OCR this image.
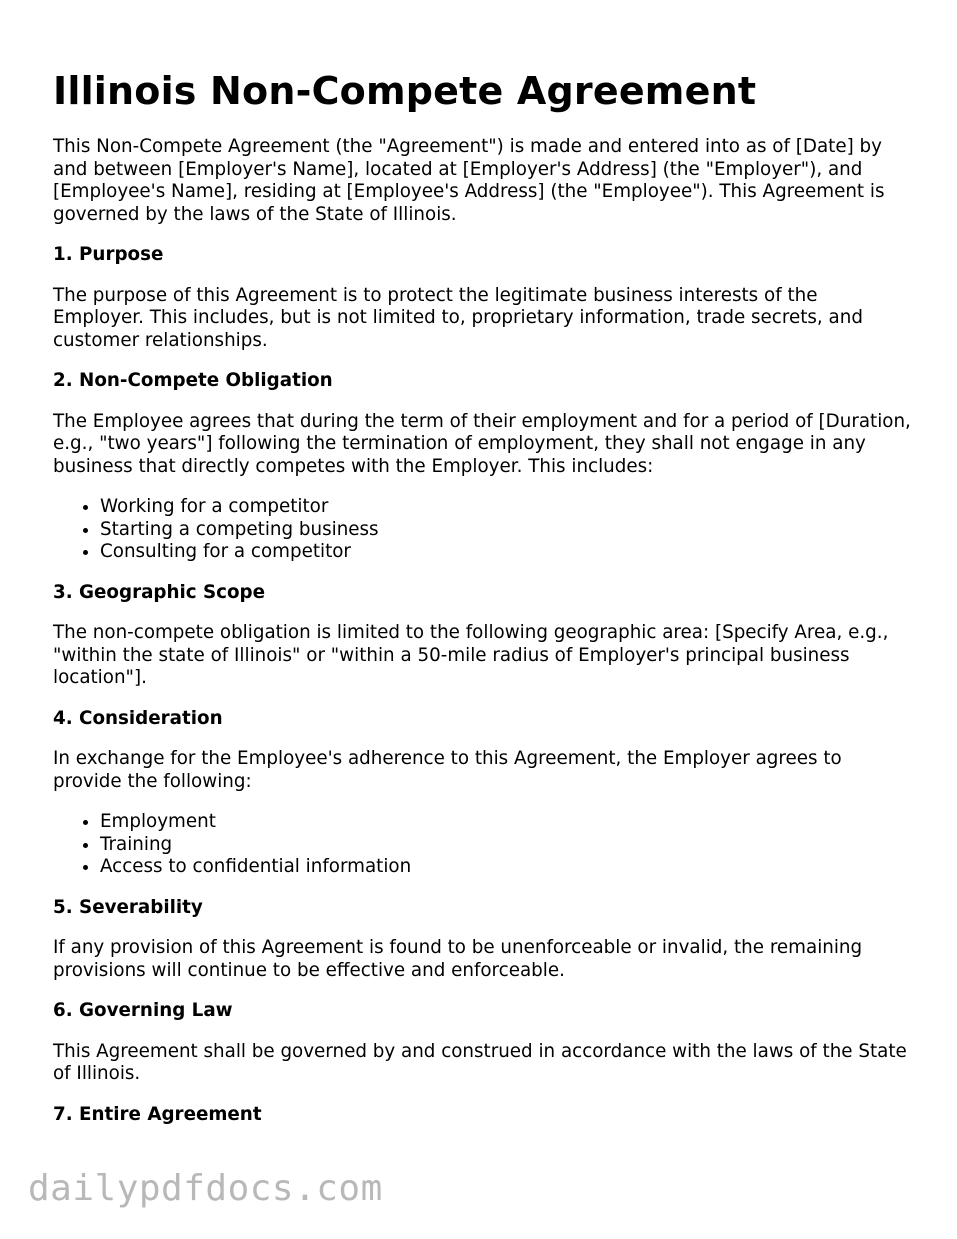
Illinois Non-Compete Agreement

This Non-Compete Agreement (the "Agreement") is made and entered into as of [Date] by and between [Employer's Name], located at [Employer's Address] (the "Employer"), and [Employee's Name], residing at [Employee's Address] (the "Employee"). This Agreement is governed by the laws of the State of Illinois.

1. Purpose

The purpose of this Agreement is to protect the legitimate business interests of the Employer. This includes, but is not limited to, proprietary information, trade secrets, and customer relationships.

2. Non-Compete Obligation

The Employee agrees that during the term of their employment and for a period of [Duration, e.g., "two years"] following the termination of employment, they shall not engage in any business that directly competes with the Employer. This includes:

• Working for a competitor
• Starting a competing business
• Consulting for a competitor
3. Geographic Scope

The non-compete obligation is limited to the following geographic area: [Specify Area, e.g., "within the state of Illinois" or "within a 50-mile radius of Employer's principal business location"].

4. Consideration

In exchange for the Employee's adherence to this Agreement, the Employer agrees to provide the following:

• Employment
• Training
• Access to confidential information
5. Severability

If any provision of this Agreement is found to be unenforceable or invalid, the remaining provisions will continue to be effective and enforceable.

6. Governing Law

This Agreement shall be governed by and construed in accordance with the laws of the State of Illinois.

7. Entire Agreement
dailypdfdocs.com
